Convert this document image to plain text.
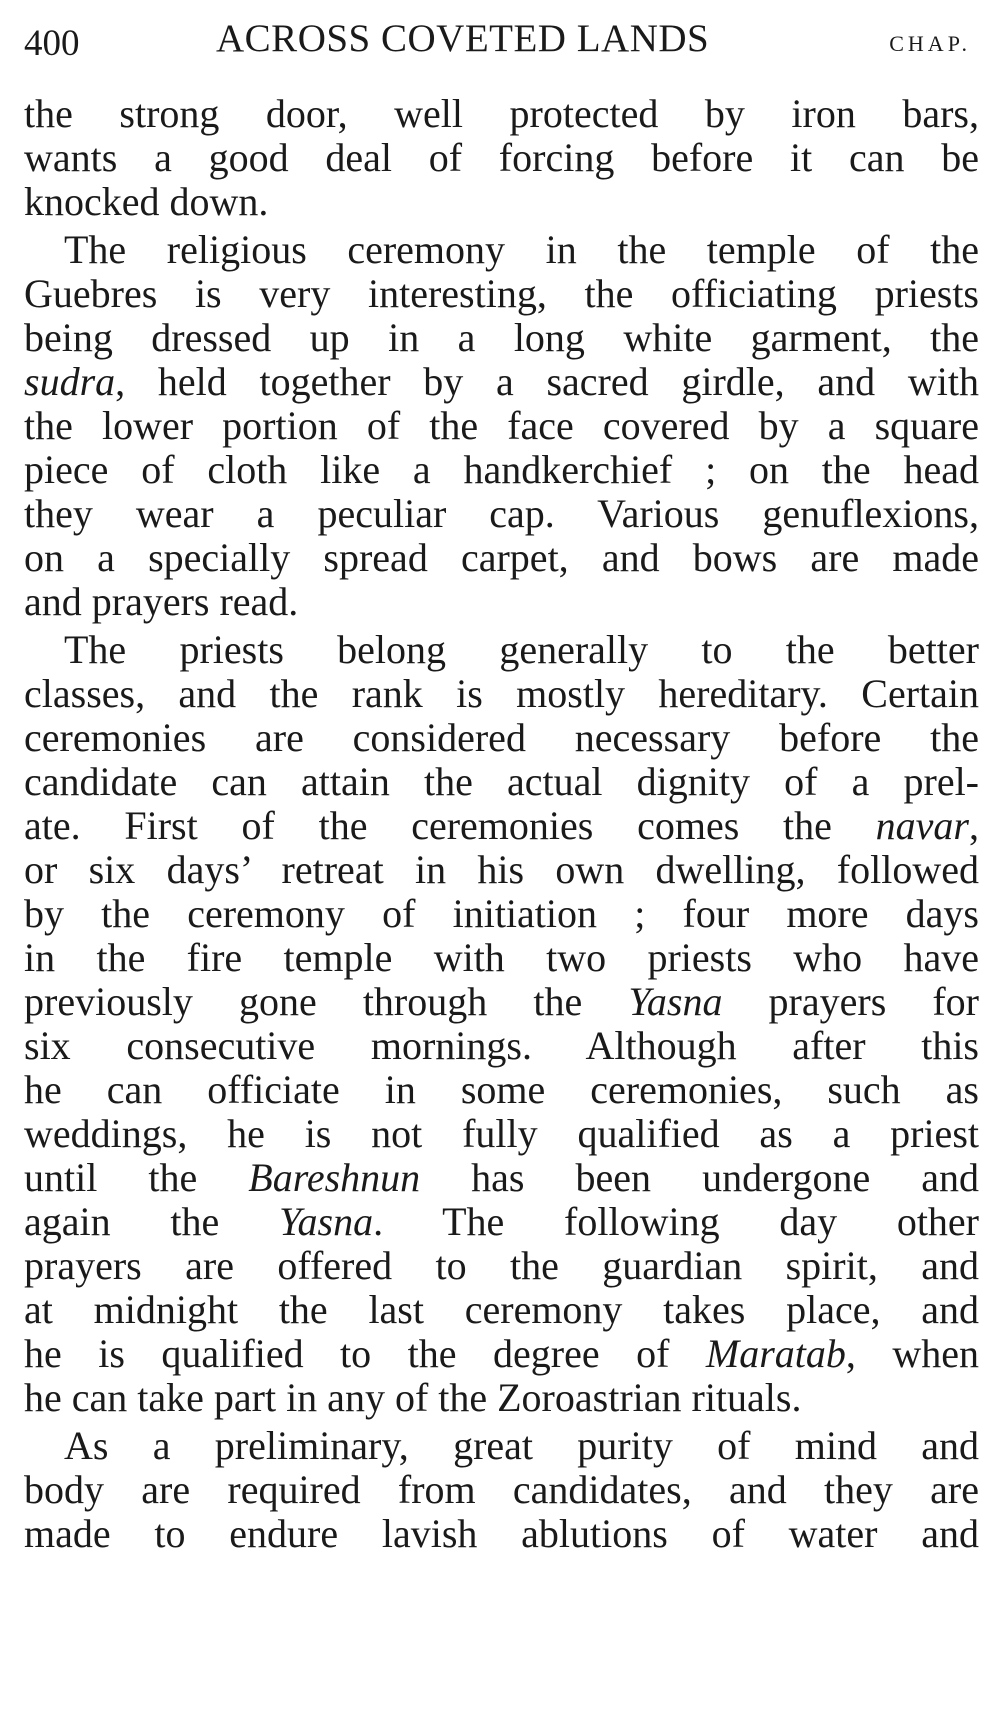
400	ACROSS COVETED LANDS	CHAP.

the strong door, well protected by iron bars,
wants a good deal of forcing before it can be
knocked down.

The religious ceremony in the temple of the
Guebres is very interesting, the officiating priests
being dressed up in a long white garment, the
sudra, held together by a sacred girdle, and with
the lower portion of the face covered by a square
piece of cloth like a handkerchief ; on the head
they wear a peculiar cap. Various genuflexions,
on a specially spread carpet, and bows are made
and prayers read.

The priests belong generally to the better
classes, and the rank is mostly hereditary. Certain
ceremonies are considered necessary before the
candidate can attain the actual dignity of a prel-
ate. First of the ceremonies comes the navar,
or six days’ retreat in his own dwelling, followed
by the ceremony of initiation ; four more days
in the fire temple with two priests who have
previously gone through the Yasna prayers for
six consecutive mornings. Although after this
he can officiate in some ceremonies, such as
weddings, he is not fully qualified as a priest
until the Bareshnun has been undergone and
again the Yasna. The following day other
prayers are offered to the guardian spirit, and
at midnight the last ceremony takes place, and
he is qualified to the degree of Maratab, when
he can take part in any of the Zoroastrian rituals.

As a preliminary, great purity of mind and
body are required from candidates, and they are
made to endure lavish ablutions of water and
